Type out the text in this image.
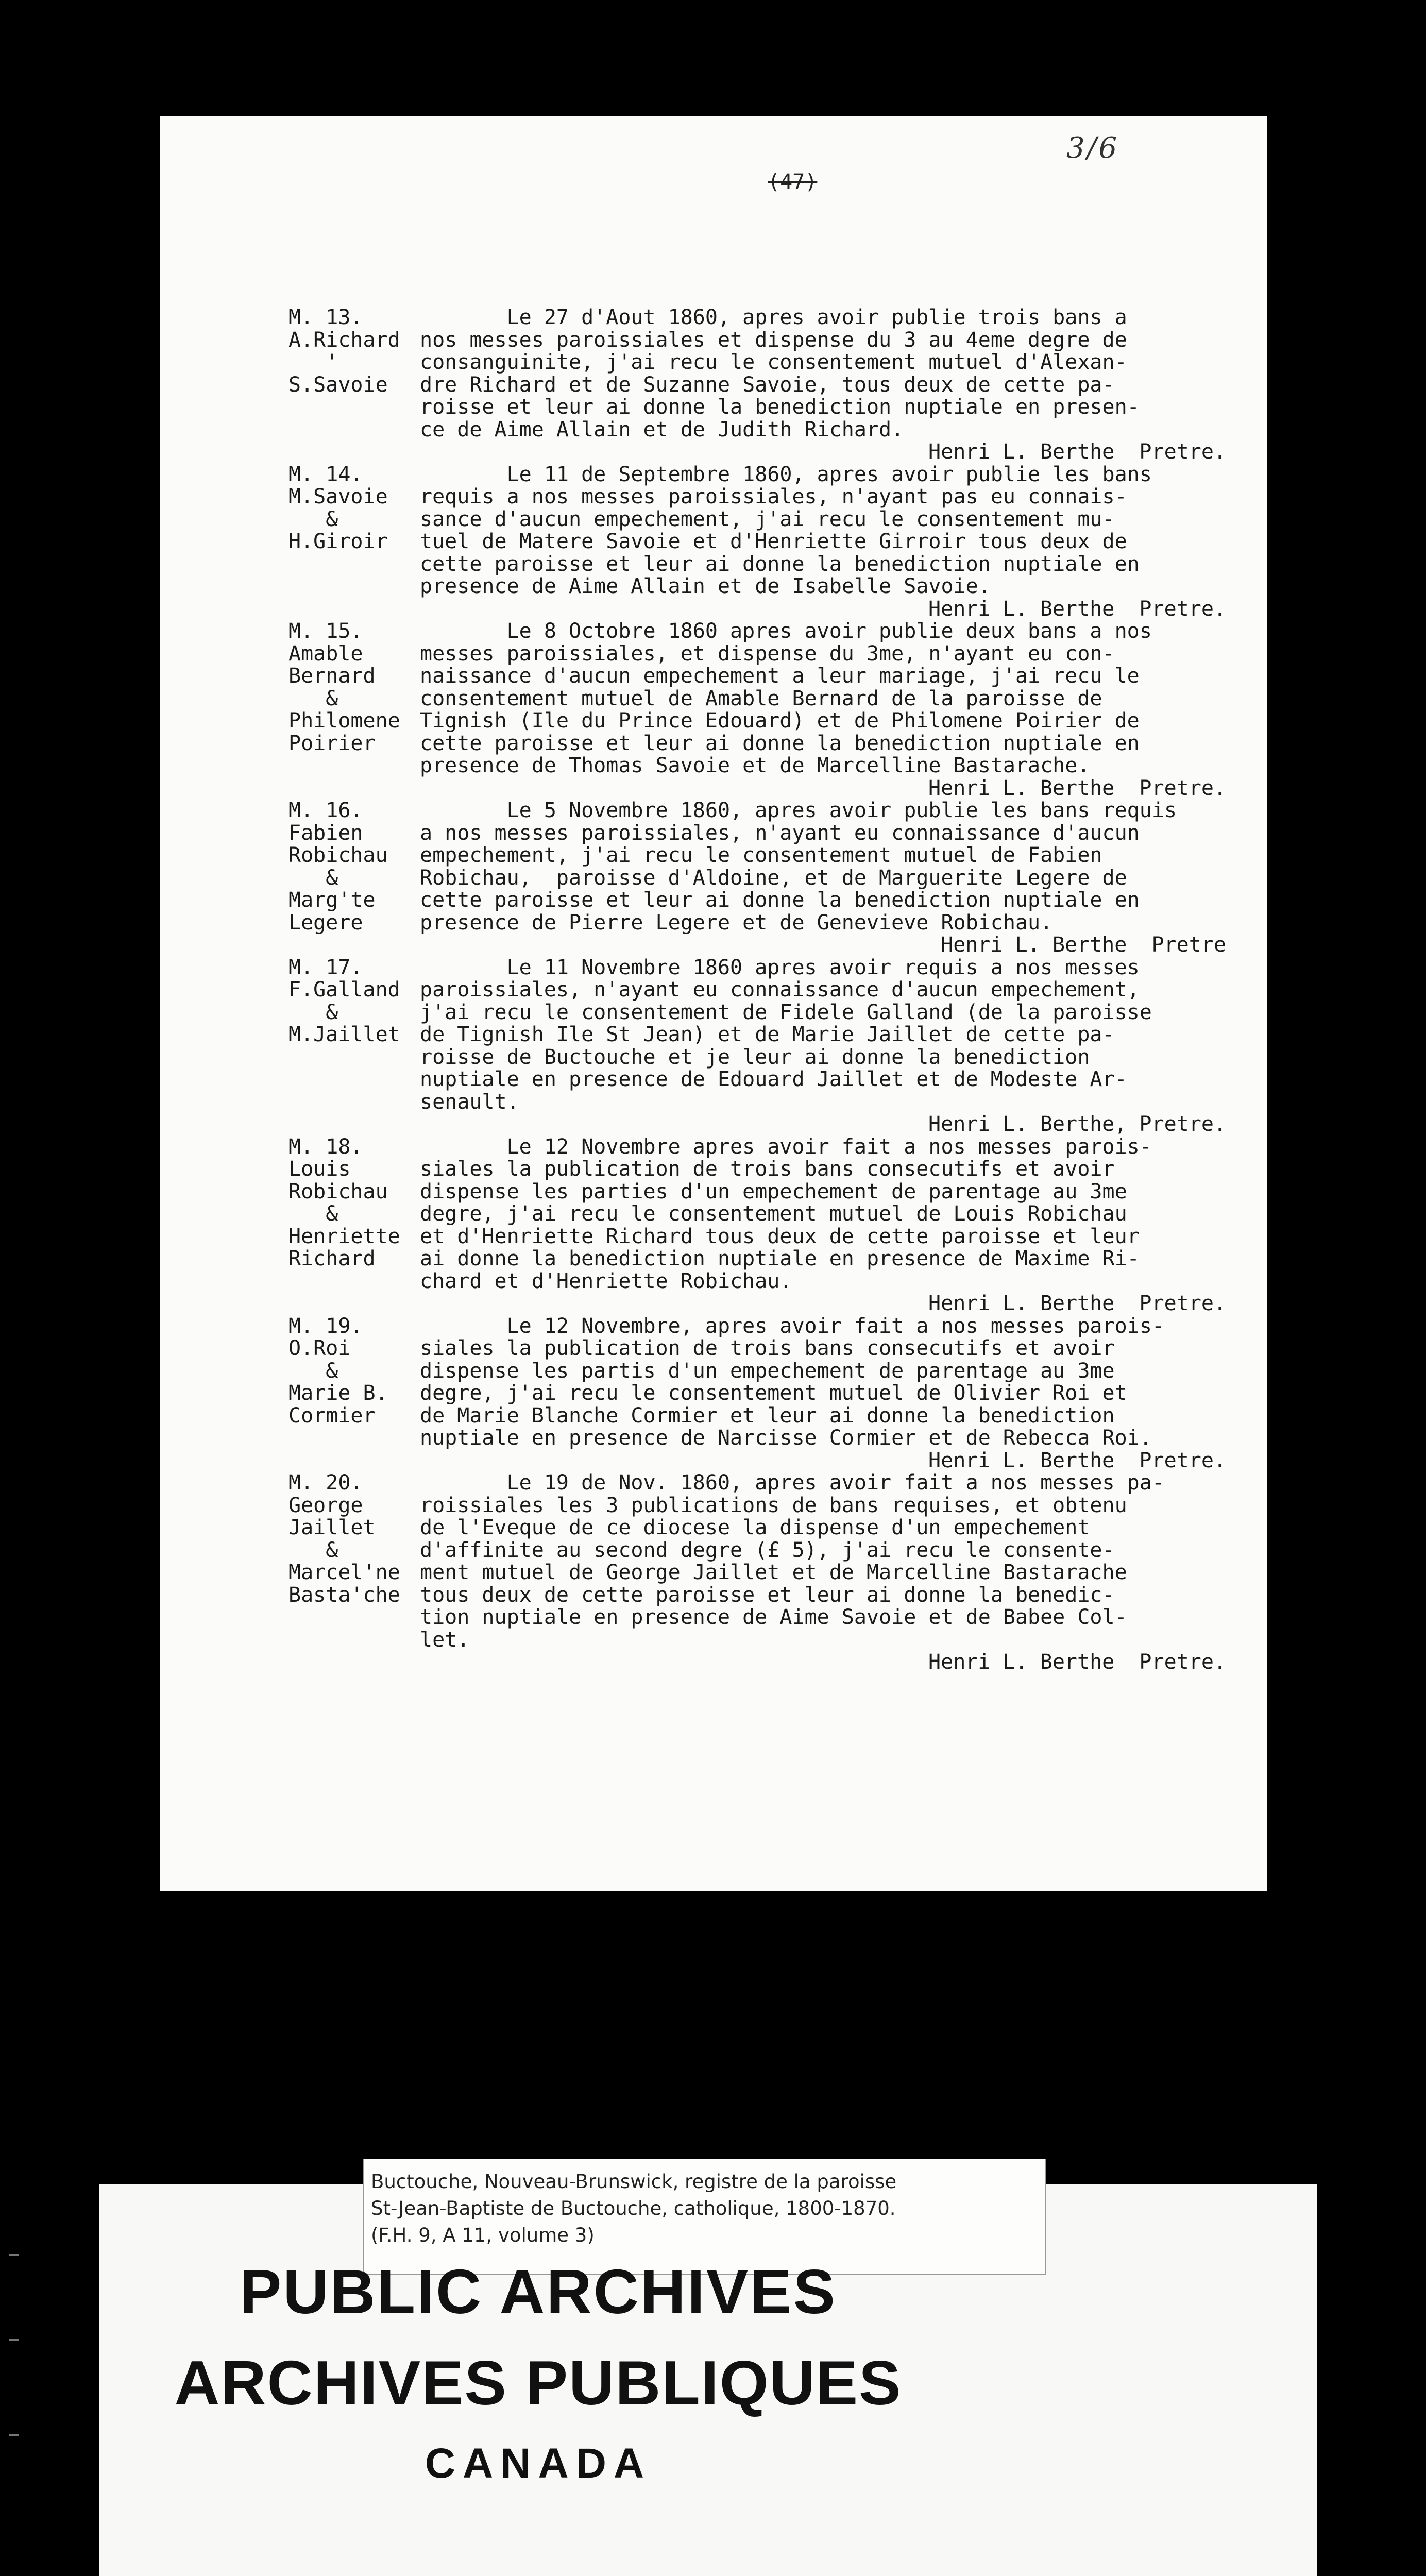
3/6
(47)
M. 13.
A.Richard
'
S.Savoie
Le 27 d'Aout 1860, apres avoir publie trois bans a
nos messes paroissiales et dispense du 3 au 4eme degre de
consanguinite, j'ai recu le consentement mutuel d'Alexan-
dre Richard et de Suzanne Savoie, tous deux de cette pa-
roisse et leur ai donne la benediction nuptiale en presen-
ce de Aime Allain et de Judith Richard.
Henri L. Berthe  Pretre.
M. 14.
M.Savoie
&
H.Giroir
Le 11 de Septembre 1860, apres avoir publie les bans
requis a nos messes paroissiales, n'ayant pas eu connais-
sance d'aucun empechement, j'ai recu le consentement mu-
tuel de Matere Savoie et d'Henriette Girroir tous deux de
cette paroisse et leur ai donne la benediction nuptiale en
presence de Aime Allain et de Isabelle Savoie.
Henri L. Berthe  Pretre.
M. 15.
Amable
Bernard
&
Philomene
Poirier
Le 8 Octobre 1860 apres avoir publie deux bans a nos
messes paroissiales, et dispense du 3me, n'ayant eu con-
naissance d'aucun empechement a leur mariage, j'ai recu le
consentement mutuel de Amable Bernard de la paroisse de
Tignish (Ile du Prince Edouard) et de Philomene Poirier de
cette paroisse et leur ai donne la benediction nuptiale en
presence de Thomas Savoie et de Marcelline Bastarache.
Henri L. Berthe  Pretre.
M. 16.
Fabien
Robichau
&
Marg'te
Legere
Le 5 Novembre 1860, apres avoir publie les bans requis
a nos messes paroissiales, n'ayant eu connaissance d'aucun
empechement, j'ai recu le consentement mutuel de Fabien
Robichau,  paroisse d'Aldoine, et de Marguerite Legere de
cette paroisse et leur ai donne la benediction nuptiale en
presence de Pierre Legere et de Genevieve Robichau.
Henri L. Berthe  Pretre
M. 17.
F.Galland
&
M.Jaillet
Le 11 Novembre 1860 apres avoir requis a nos messes
paroissiales, n'ayant eu connaissance d'aucun empechement,
j'ai recu le consentement de Fidele Galland (de la paroisse
de Tignish Ile St Jean) et de Marie Jaillet de cette pa-
roisse de Buctouche et je leur ai donne la benediction
nuptiale en presence de Edouard Jaillet et de Modeste Ar-
senault.
Henri L. Berthe, Pretre.
M. 18.
Louis
Robichau
&
Henriette
Richard
Le 12 Novembre apres avoir fait a nos messes parois-
siales la publication de trois bans consecutifs et avoir
dispense les parties d'un empechement de parentage au 3me
degre, j'ai recu le consentement mutuel de Louis Robichau
et d'Henriette Richard tous deux de cette paroisse et leur
ai donne la benediction nuptiale en presence de Maxime Ri-
chard et d'Henriette Robichau.
Henri L. Berthe  Pretre.
M. 19.
O.Roi
&
Marie B.
Cormier
Le 12 Novembre, apres avoir fait a nos messes parois-
siales la publication de trois bans consecutifs et avoir
dispense les partis d'un empechement de parentage au 3me
degre, j'ai recu le consentement mutuel de Olivier Roi et
de Marie Blanche Cormier et leur ai donne la benediction
nuptiale en presence de Narcisse Cormier et de Rebecca Roi.
Henri L. Berthe  Pretre.
M. 20.
George
Jaillet
&
Marcel'ne
Basta'che
Le 19 de Nov. 1860, apres avoir fait a nos messes pa-
roissiales les 3 publications de bans requises, et obtenu
de l'Eveque de ce diocese la dispense d'un empechement
d'affinite au second degre (£ 5), j'ai recu le consente-
ment mutuel de George Jaillet et de Marcelline Bastarache
tous deux de cette paroisse et leur ai donne la benedic-
tion nuptiale en presence de Aime Savoie et de Babee Col-
let.
Henri L. Berthe  Pretre.
Buctouche, Nouveau-Brunswick, registre de la paroisse
St-Jean-Baptiste de Buctouche, catholique, 1800-1870.
(F.H. 9, A 11, volume 3)
PUBLIC ARCHIVES
ARCHIVES PUBLIQUES
CANADA
